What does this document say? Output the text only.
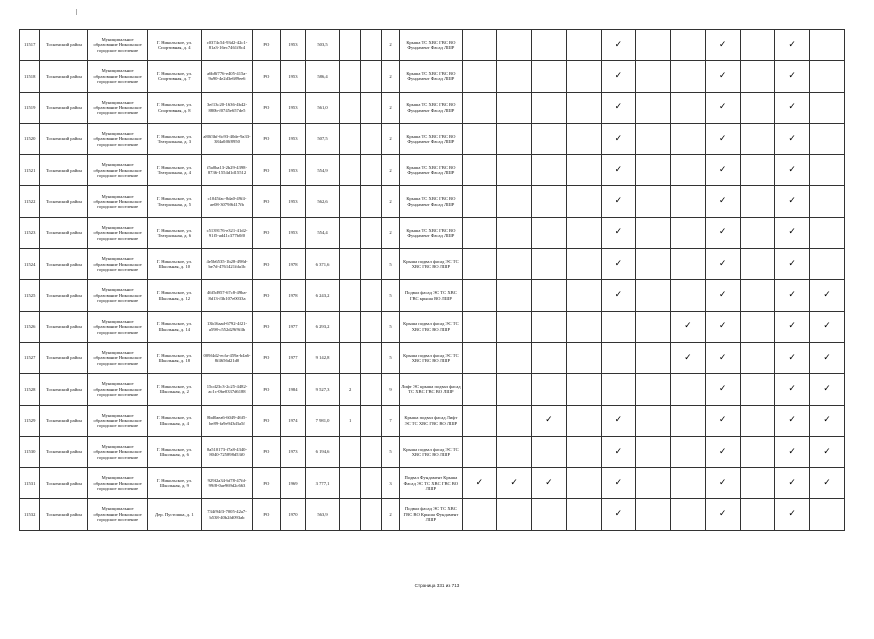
11517	Тосненский район	Муниципальное образование Никольское городское поселение	Г. Никольское, ул. Спортивная, д. 4	c0374c54-93d2-42c1-81a3-16ec7461f8c4	РО	1953	503,5			2	Крыша ТС ХВС ГВС ВО Фундамент Фасад ЛШР					✓			✓		✓	
11518	Тосненский район	Муниципальное образование Никольское городское поселение	Г. Никольское, ул. Спортивная, д. 7	a6b8f776-e405-415a-9a90-4e2d3e689ee6	РО	1953	586,4			2	Крыша ТС ХВС ГВС ВО Фундамент Фасад ЛШР					✓			✓		✓	
11519	Тосненский район	Муниципальное образование Никольское городское поселение	Г. Никольское, ул. Спортивная, д. 8	3ef13c20-1636-4b42-880b-f0745e657de5	РО	1953	561,0			2	Крыша ТС ХВС ГВС ВО Фундамент Фасад ЛШР					✓			✓		✓	
11520	Тосненский район	Муниципальное образование Никольское городское поселение	Г. Никольское, ул. Театральная, д. 3	a80f3bf-6c93-40de-9a33-384a0f0f8950	РО	1953	507,5			2	Крыша ТС ХВС ГВС ВО Фундамент Фасад ЛШР					✓			✓		✓	
11521	Тосненский район	Муниципальное образование Никольское городское поселение	Г. Никольское, ул. Театральная, д. 4	f5a0ba13-2b29-4398-8736-1554d1d15512	РО	1953	554,9			2	Крыша ТС ХВС ГВС ВО Фундамент Фасад ЛШР					✓			✓		✓	
11522	Тосненский район	Муниципальное образование Никольское городское поселение	Г. Никольское, ул. Театральная, д. 5	c1045fac-8da0-49f4-ae08-3079f6417fb	РО	1953	562,6			2	Крыша ТС ХВС ГВС ВО Фундамент Фасад ЛШР					✓			✓		✓	
11523	Тосненский район	Муниципальное образование Никольское городское поселение	Г. Никольское, ул. Театральная, д. 6	c5139176-e321-41d2-91f5-ad41c377b0f0	РО	1953	554,4			2	Крыша ТС ХВС ГВС ВО Фундамент Фасад ЛШР					✓			✓		✓	
11524	Тосненский район	Муниципальное образование Никольское городское поселение	Г. Никольское, ул. Школьная, д. 10	4e5b6535-1b28-498d-be7d-4761421fda1b	РО	1978	6 371,6			5	Крыша подвал фасад ЭС ТС ХВС ГВС ВО ЛШР					✓			✓		✓	
11525	Тосненский район	Муниципальное образование Никольское городское поселение	Г. Никольское, ул. Школьная, д. 12	46f5d957-67c8-49ba-8d13-f3b107e0033a	РО	1978	6 243,2			5	Подвал фасад ЭС ТС ХВС ГВС крыша ВО ЛШР					✓			✓		✓	✓
11526	Тосненский район	Муниципальное образование Никольское городское поселение	Г. Никольское, ул. Школьная, д. 14	13b16aad-6792-4f21-a598-c552d29f9f4b	РО	1977	6 293,2			5	Крыша подвал фасад ЭС ТС ХВС ГВС ВО ЛШР							✓	✓		✓	✓
11527	Тосненский район	Муниципальное образование Никольское городское поселение	Г. Никольское, ул. Школьная, д. 18	009f4d2-ecfa-459a-b4a6-8f4656d21d0	РО	1977	9 142,8			5	Крыша подвал фасад ЭС ТС ХВС ГВС ВО ЛШР							✓	✓		✓	✓
11528	Тосненский район	Муниципальное образование Никольское городское поселение	Г. Никольское, ул. Школьная, д. 2	15cd23c3-2c25-4482-ac1c-0be0337d6188	РО	1984	9 527,3	2		9	Лифт ЭС крыша подвал фасад ТС ХВС ГВС ВО ЛШР								✓		✓	✓
11529	Тосненский район	Муниципальное образование Никольское городское поселение	Г. Никольское, ул. Школьная, д. 4	8bd0aea6-6049-46f5-be89-fa9e943d3a5f	РО	1974	7 981,0	1		7	Крыша подвал фасад Лифт ЭС ТС ХВС ГВС ВО ЛШР			✓		✓			✓		✓	✓
11530	Тосненский район	Муниципальное образование Никольское городское поселение	Г. Никольское, ул. Школьная, д. 6	8a510173-f7a8-4340-8040-725898d53f0	РО	1973	6 194,6			5	Крыша подвал фасад ЭС ТС ХВС ГВС ВО ЛШР					✓			✓		✓	✓
11531	Тосненский район	Муниципальное образование Никольское городское поселение	Г. Никольское, ул. Школьная, д. 9	929f2a34-bf78-47fd-99f8-0ae969d2c663	РО	1969	3 777,1			3	Подвал Фундамент Крыша Фасад ЭС ТС ХВС ГВС ВО ЛШР	✓	✓	✓		✓			✓		✓	✓
11532	Тосненский район	Муниципальное образование Никольское городское поселение	Дер. Пустошка, д. 1	734f94f3-7005-42a7-b538-40b2fd093ab	РО	1970	563,9			2	Подвал фасад ЭС ТС ХВС ГВС ВО Крыша Фундамент ЛШР					✓			✓		✓	
Страница 331 из 713
